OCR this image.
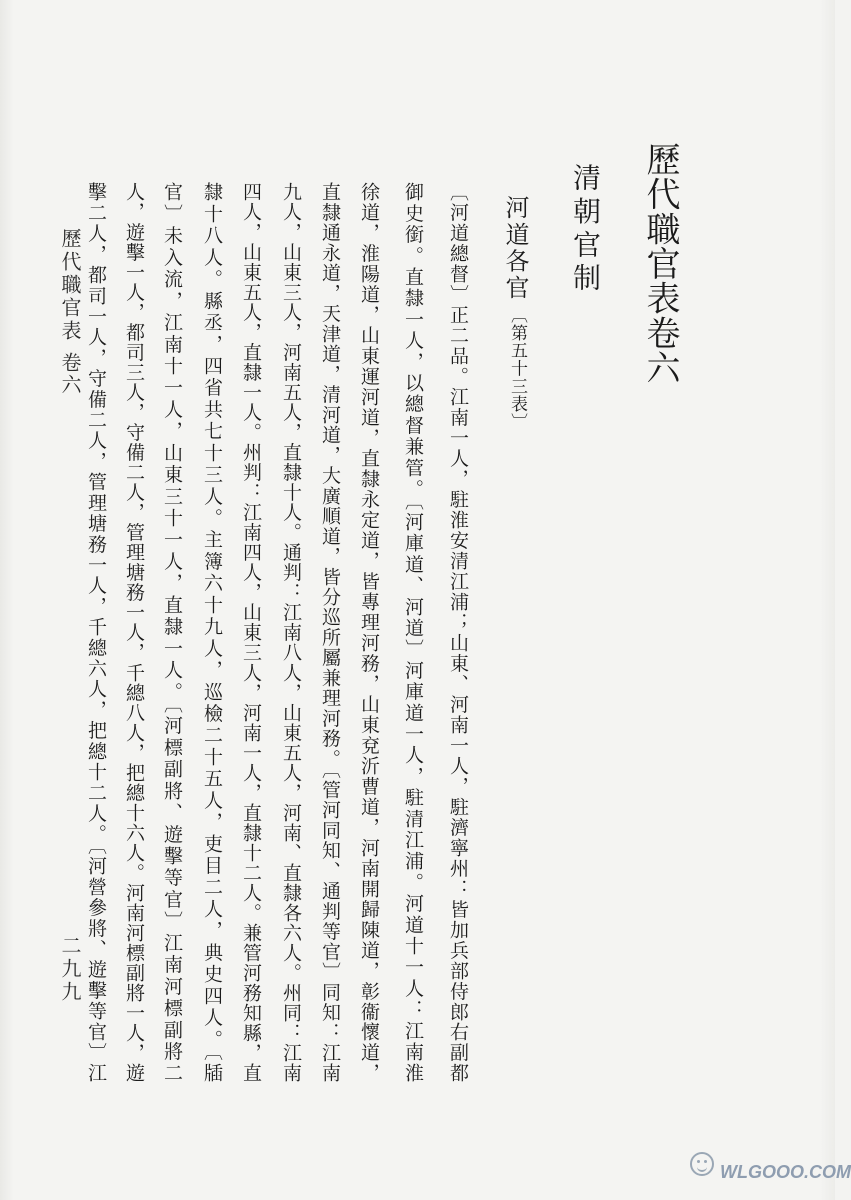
歷代職官表卷六
清朝官制
河道各官
〔第五十三表〕
〔河道總督〕正二品。江南一人，駐淮安清江浦；山東、河南一人，駐濟寧州：皆加兵部侍郎右副都
御史銜。直隸一人，以總督兼管。〔河庫道、河道〕河庫道一人，駐清江浦。河道十一人：江南淮
徐道，淮陽道，山東運河道，直隸永定道，皆專理河務，山東兗沂曹道，河南開歸陳道，彰衞懷道，
直隸通永道，天津道，清河道，大廣順道，皆分巡所屬兼理河務。〔管河同知、通判等官〕同知：江南
九人，山東三人，河南五人，直隸十人。通判：江南八人，山東五人，河南、直隸各六人。州同：江南
四人，山東五人，直隸一人。州判：江南四人，山東三人，河南一人，直隸十二人。兼管河務知縣，直
隸十八人。縣丞，四省共七十三人。主簿六十九人，巡檢二十五人，吏目二人，典史四人。〔牐
官〕未入流，江南十一人，山東三十一人，直隸一人。〔河標副將、遊擊等官〕江南河標副將二
人，遊擊一人，都司三人，守備二人，管理塘務一人，千總八人，把總十六人。河南河標副將一人，遊
擊二人，都司一人，守備二人，管理塘務一人，千總六人，把總十二人。〔河營參將、遊擊等官〕江
歷代職官表
卷六
二九九
WLGOOO.COM
